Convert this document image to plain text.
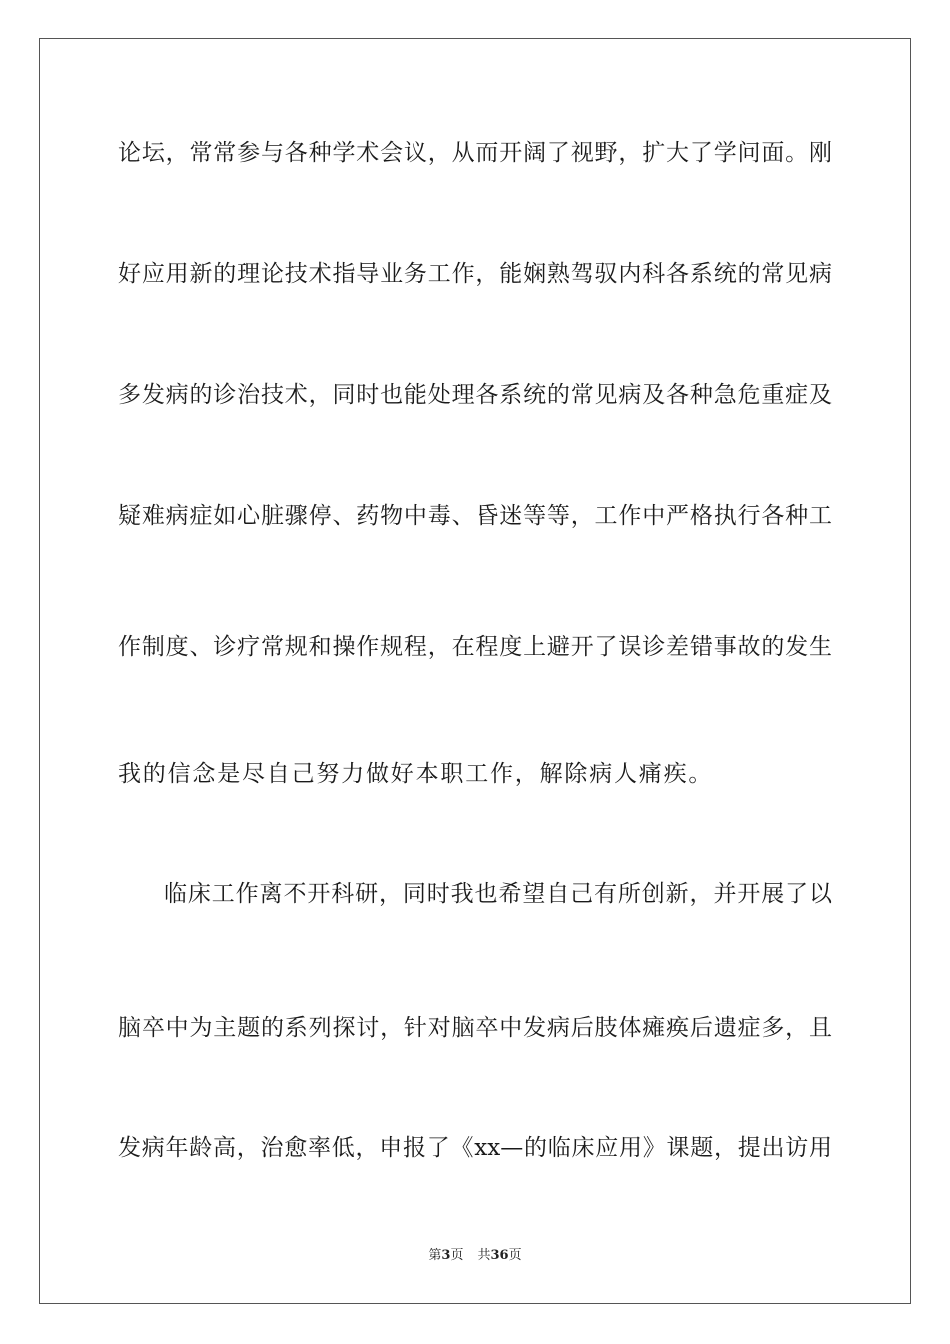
论坛，常常参与各种学术会议，从而开阔了视野，扩大了学问面。刚
好应用新的理论技术指导业务工作，能娴熟驾驭内科各系统的常见病
多发病的诊治技术，同时也能处理各系统的常见病及各种急危重症及
疑难病症如心脏骤停、药物中毒、昏迷等等，工作中严格执行各种工
作制度、诊疗常规和操作规程，在程度上避开了误诊差错事故的发生
我的信念是尽自己努力做好本职工作，解除病人痛疾。
临床工作离不开科研，同时我也希望自己有所创新，并开展了以
脑卒中为主题的系列探讨，针对脑卒中发病后肢体瘫痪后遗症多，且
发病年龄高，治愈率低，申报了《xx—的临床应用》课题，提出访用
第3页 共36页
